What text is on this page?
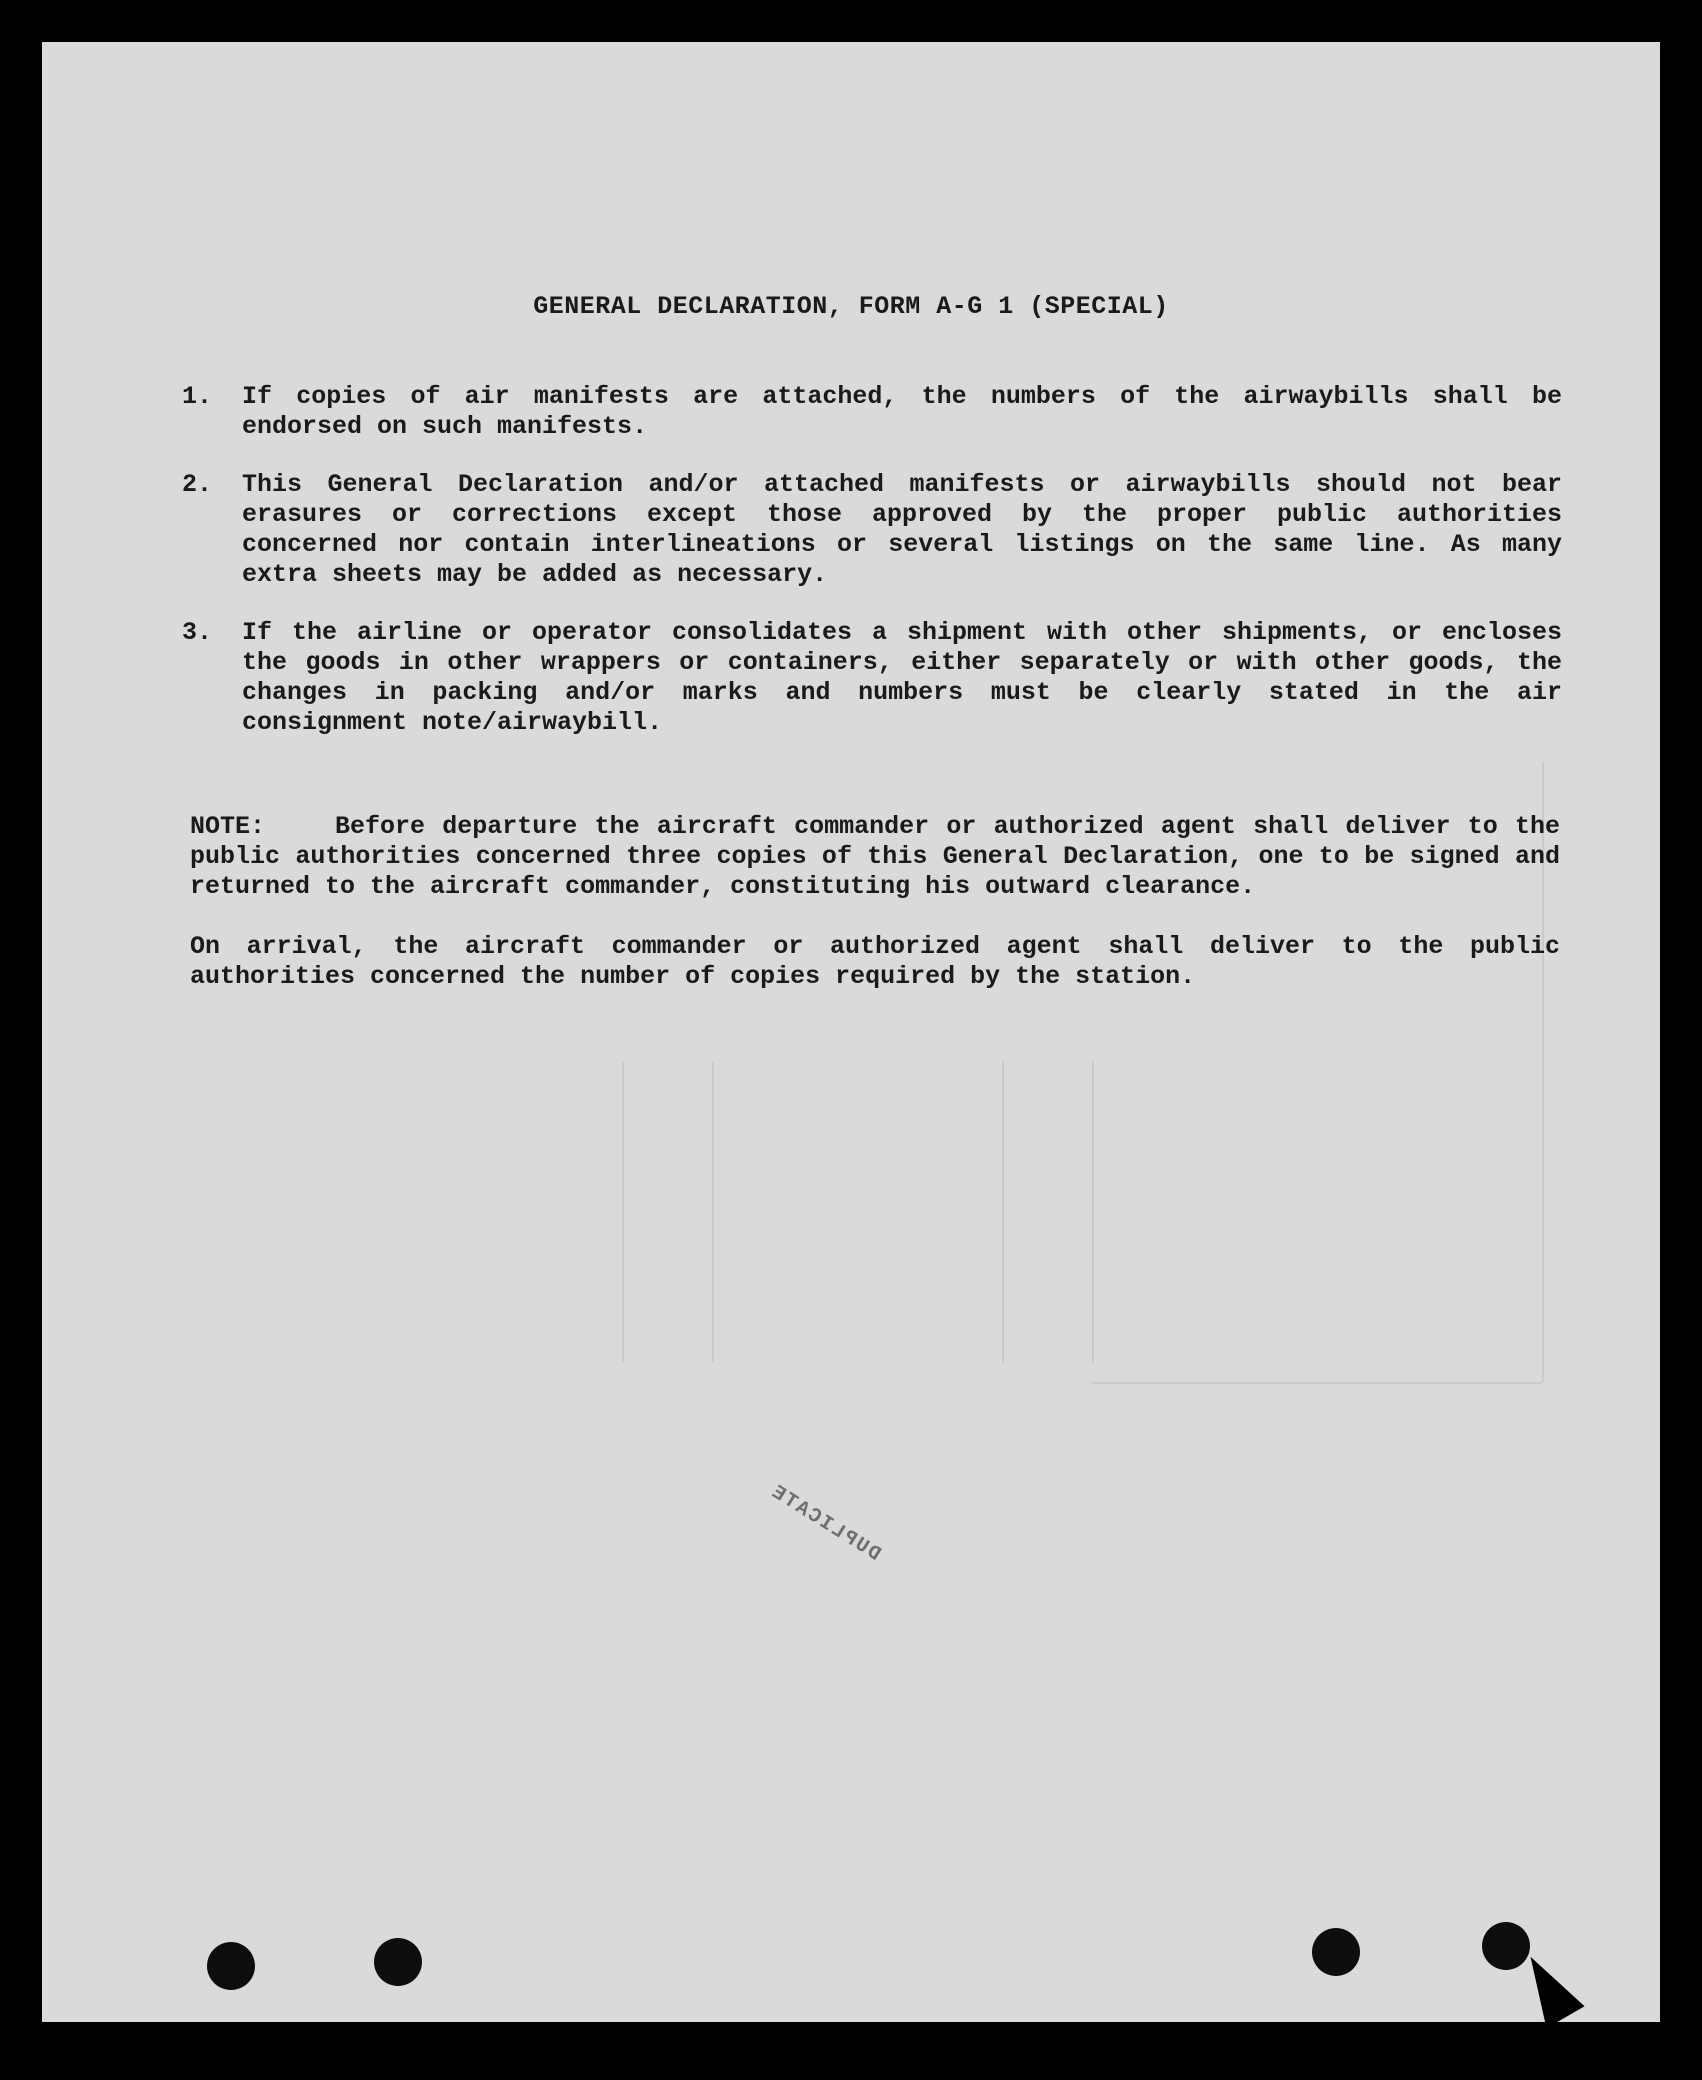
GENERAL DECLARATION, FORM A-G 1 (SPECIAL)
1.	If copies of air manifests are attached, the numbers of the airwaybills shall be endorsed on such manifests.
2.	This General Declaration and/or attached manifests or airwaybills should not bear erasures or corrections except those approved by the proper public authorities concerned nor contain interlineations or several listings on the same line. As many extra sheets may be added as necessary.
3.	If the airline or operator consolidates a shipment with other shipments, or encloses the goods in other wrappers or containers, either separately or with other goods, the changes in packing and/or marks and numbers must be clearly stated in the air consignment note/airwaybill.

NOTE:	Before departure the aircraft commander or authorized agent shall deliver to the public authorities concerned three copies of this General Declaration, one to be signed and returned to the aircraft commander, constituting his outward clearance.

On arrival, the aircraft commander or authorized agent shall deliver to the public authorities concerned the number of copies required by the station.

DUPLICATE
